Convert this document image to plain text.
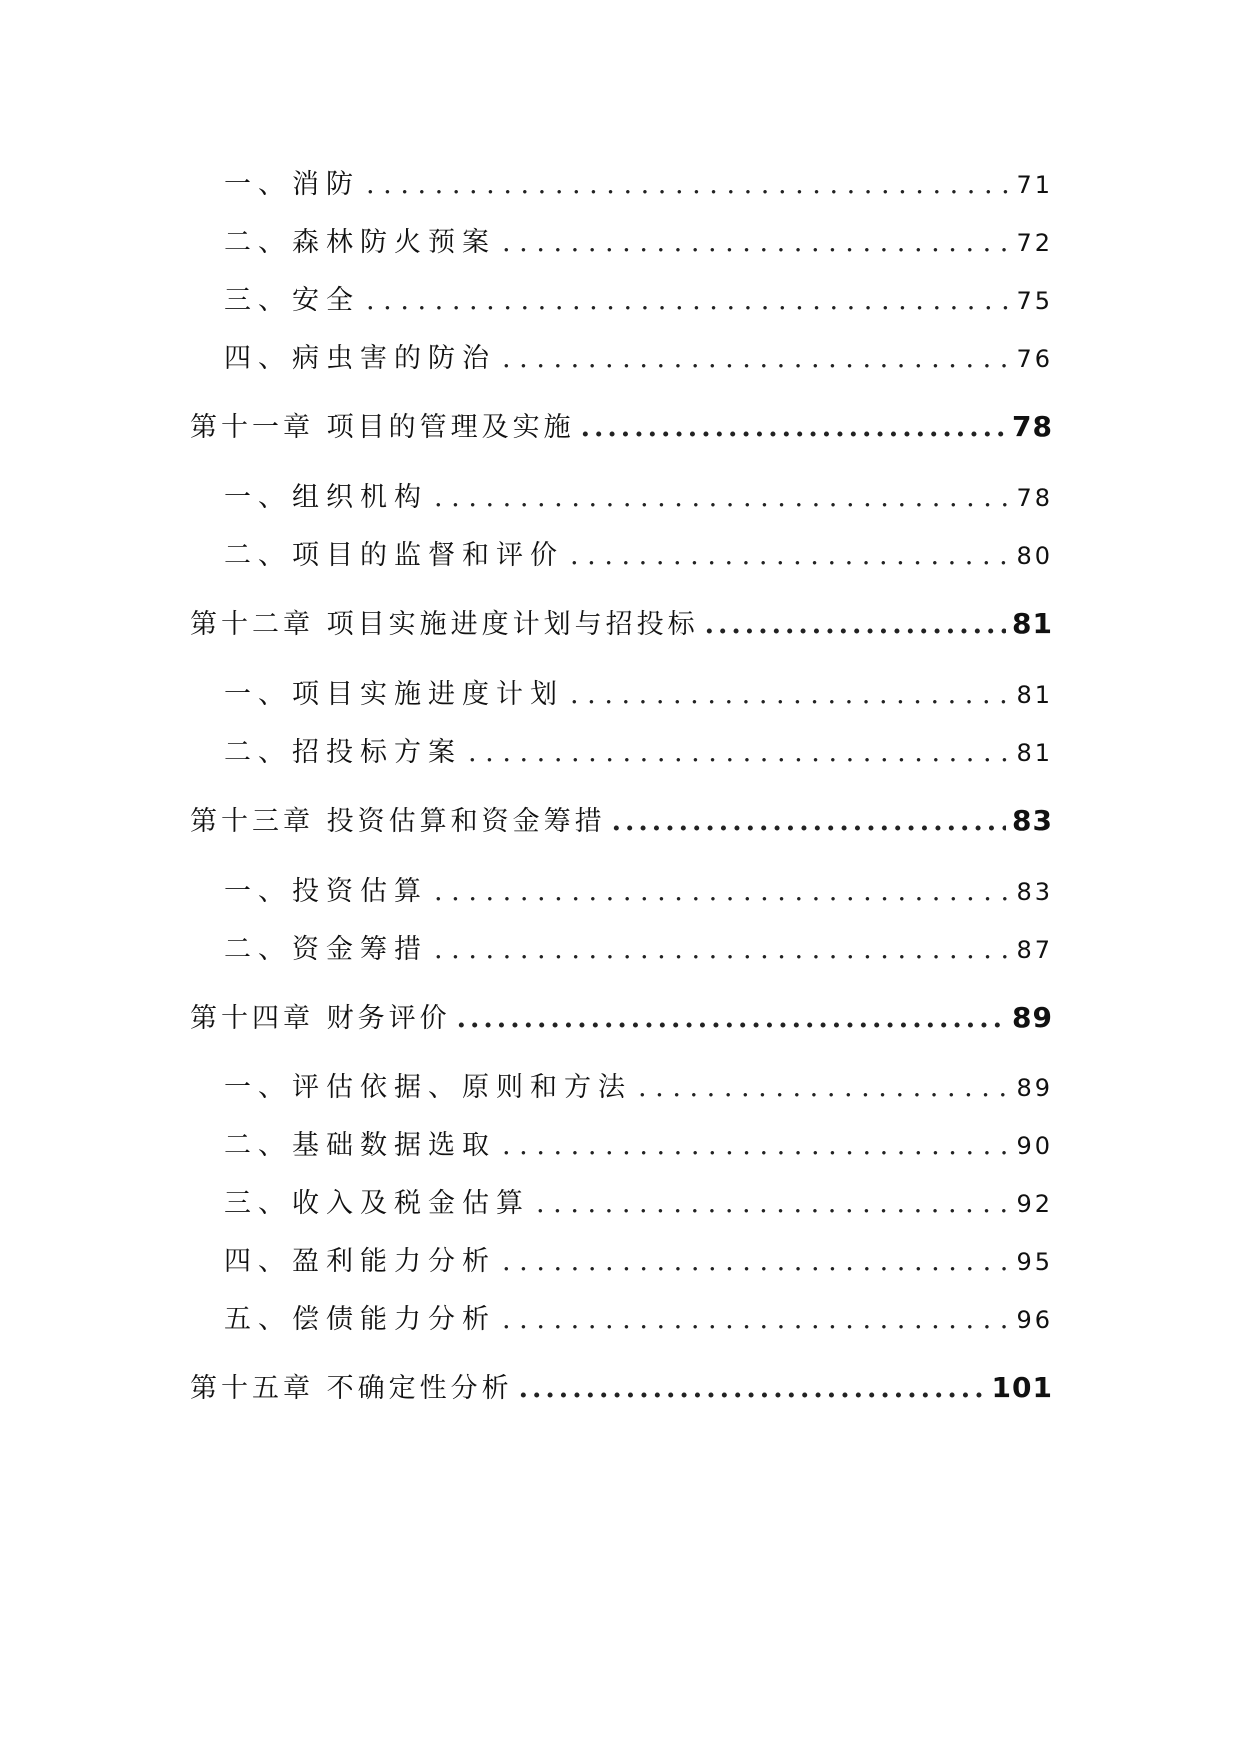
一、消防 . . .	71
二、森林防火预案 . . .	72
三、安全 . . .	75
四、病虫害的防治 . . .	76
第十一章 项目的管理及实施 .....	78
一、组织机构 . . .	78
二、项目的监督和评价 . . .	80
第十二章 项目实施进度计划与招投标 .....	81
一、项目实施进度计划 . . .	81
二、招投标方案 . . .	81
第十三章 投资估算和资金筹措 .....	83
一、投资估算 . . .	83
二、资金筹措 . . .	87
第十四章 财务评价 .....	89
一、评估依据、原则和方法 . . .	89
二、基础数据选取 . . .	90
三、收入及税金估算 . . .	92
四、盈利能力分析 . . .	95
五、偿债能力分析 . . .	96
第十五章 不确定性分析 .....	101
